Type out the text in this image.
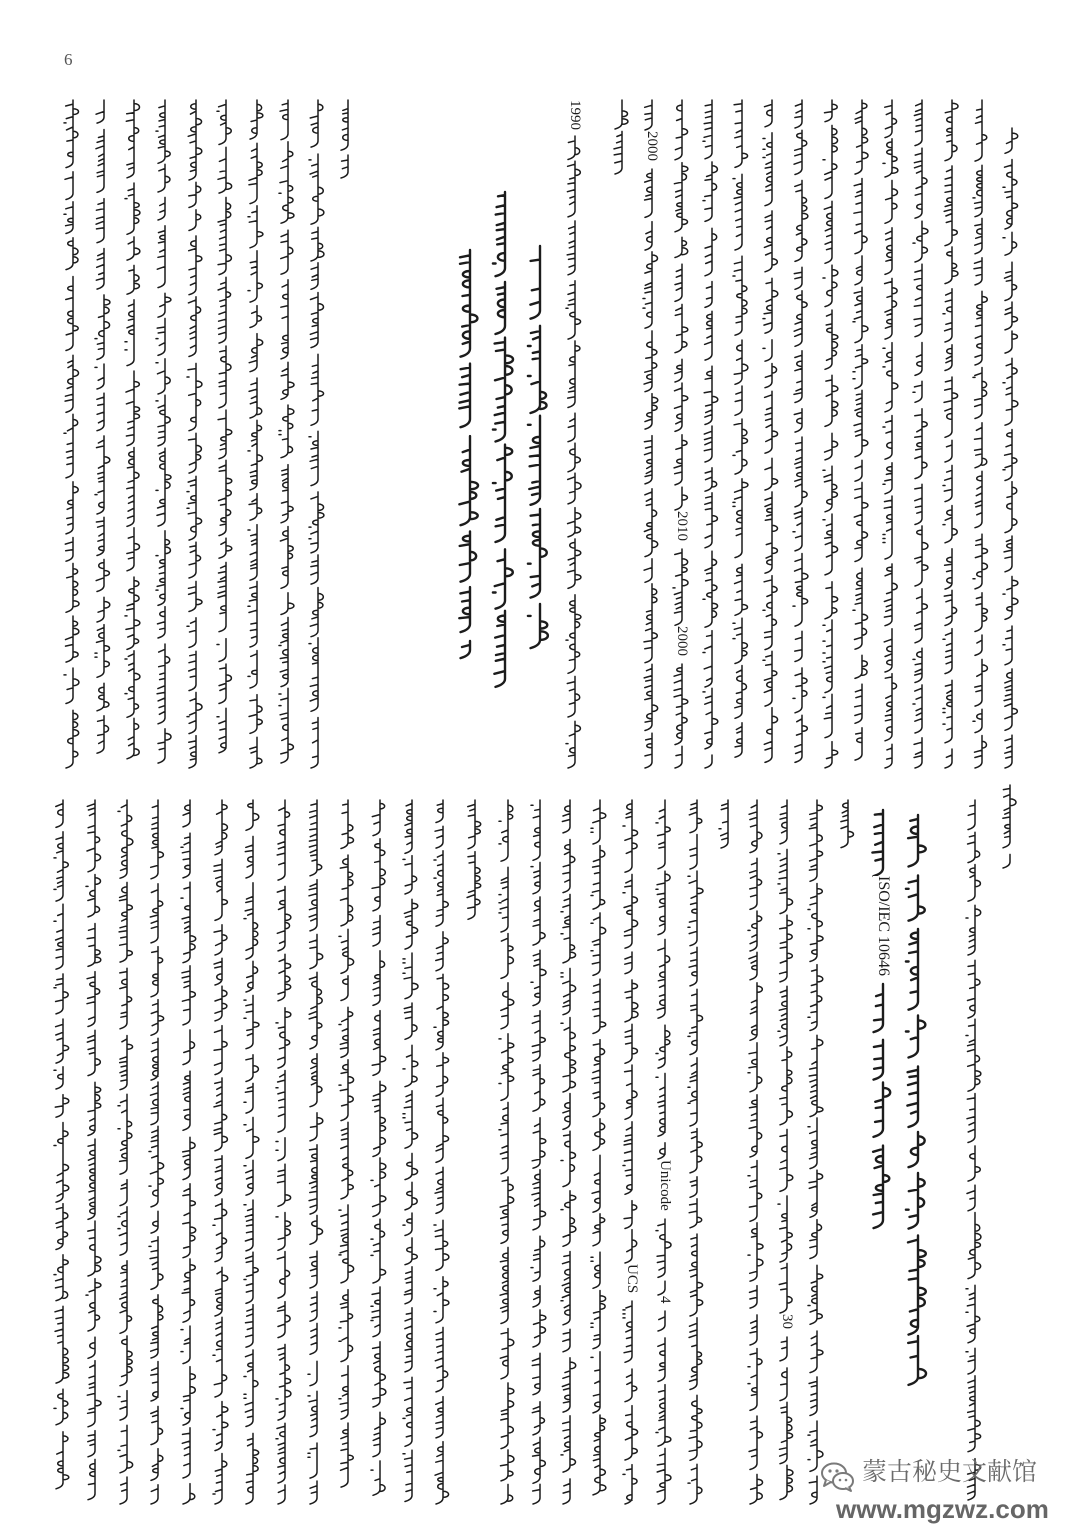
6
1990
2000
2010
2000
ISO/IEC 10646
Unicode
4
UCS
30
蒙古秘史文献馆
www.mgzwz.com
